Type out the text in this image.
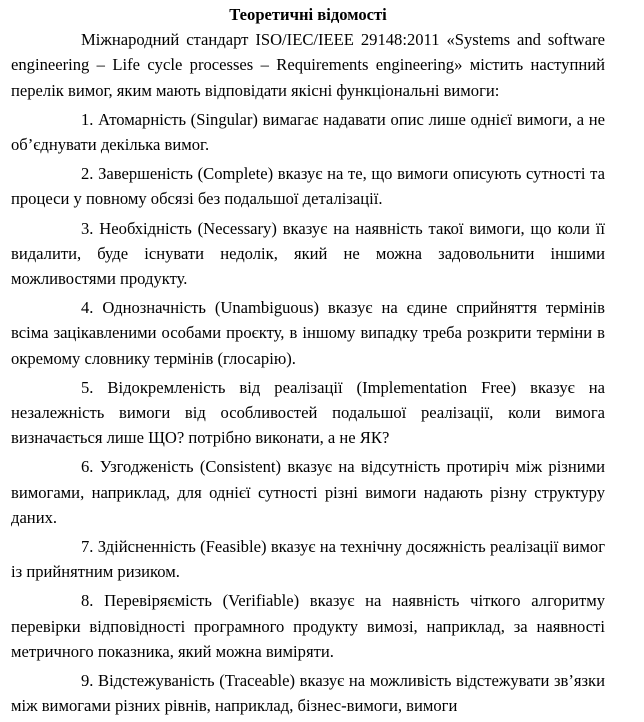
Теоретичні відомості

Міжнародний стандарт ISO/IEC/IEEE 29148:2011 «Systems and software engineering – Life cycle processes – Requirements engineering» містить наступний перелік вимог, яким мають відповідати якісні функціональні вимоги:

1. Атомарність (Singular) вимагає надавати опис лише однієї вимоги, а не об’єднувати декілька вимог.

2. Завершеність (Complete) вказує на те, що вимоги описують сутності та процеси у повному обсязі без подальшої деталізації.

3. Необхідність (Necessary) вказує на наявність такої вимоги, що коли її видалити, буде існувати недолік, який не можна задовольнити іншими можливостями продукту.

4. Однозначність (Unambiguous) вказує на єдине сприйняття термінів всіма зацікавленими особами проєкту, в іншому випадку треба розкрити терміни в окремому словнику термінів (глосарію).

5. Відокремленість від реалізації (Implementation Free) вказує на незалежність вимоги від особливостей подальшої реалізації, коли вимога визначається лише ЩО? потрібно виконати, а не ЯК?

6. Узгодженість (Consistent) вказує на відсутність протиріч між різними вимогами, наприклад, для однієї сутності різні вимоги надають різну структуру даних.

7. Здійсненність (Feasible) вказує на технічну досяжність реалізації вимог із прийнятним ризиком.

8. Перевіряємість (Verifiable) вказує на наявність чіткого алгоритму перевірки відповідності програмного продукту вимозі, наприклад, за наявності метричного показника, який можна виміряти.

9. Відстежуваність (Traceable) вказує на можливість відстежувати зв’язки між вимогами різних рівнів, наприклад, бізнес-вимоги, вимоги
